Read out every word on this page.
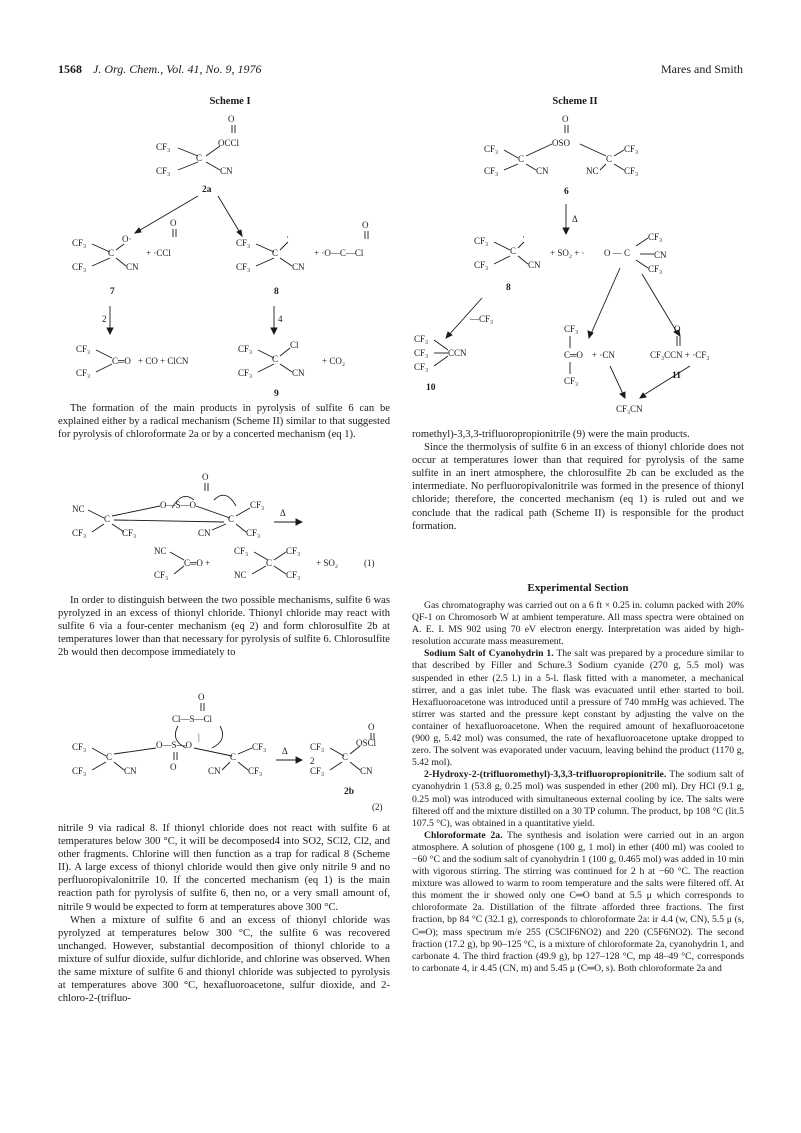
1568 J. Org. Chem., Vol. 41, No. 9, 1976	Mares and Smith
Scheme I
O
CF₃
C
OCCl
CF₃	CN
2a
CF₃
C
O·
CF₃	CN
O
+ ·CCl
7
CF₃
C
·
CF₃	CN
O
+ ·O—C—Cl
8
2	4
CF₃
CF₃
C═O + CO + ClCN
CF₃
C
Cl
CF₃	CN
+ CO₂
9

The formation of the main products in pyrolysis of sulfite 6 can be explained either by a radical mechanism (Scheme II) similar to that suggested for pyrolysis of chloroformate 2a or by a concerted mechanism (eq 1).

O
NC
C
O—S—O
C
CF₃
CF₃	CF₃	CN	CF₃
Δ
NC
CF₃
C═O +
CF₃
C
CF₃
NC	CF₃
+ SO₂	(1)

In order to distinguish between the two possible mechanisms, sulfite 6 was pyrolyzed in an excess of thionyl chloride. Thionyl chloride may react with sulfite 6 via a four-center mechanism (eq 2) and form chlorosulfite 2b at temperatures lower than that necessary for pyrolysis of sulfite 6. Chlorosulfite 2b would then decompose immediately to

O
Cl—S—Cl
|
CF₃
C
O—S—O
C
CF₃
CF₃	CN	O	CN	CF₃
Δ CF₃
2	C
OSCl
O
CF₃	CN
2b
(2)

nitrile 9 via radical 8. If thionyl chloride does not react with sulfite 6 at temperatures below 300 °C, it will be decomposed4 into SO2, SCl2, Cl2, and other fragments. Chlorine will then function as a trap for radical 8 (Scheme II). A large excess of thionyl chloride would then give only nitrile 9 and no perfluoropivalonitrile 10. If the concerted mechanism (eq 1) is the main reaction path for pyrolysis of sulfite 6, then no, or a very small amount of, nitrile 9 would be expected to form at temperatures above 300 °C.

When a mixture of sulfite 6 and an excess of thionyl chloride was pyrolyzed at temperatures below 300 °C, the sulfite 6 was recovered unchanged. However, substantial decomposition of thionyl chloride to a mixture of sulfur dioxide, sulfur dichloride, and chlorine was observed. When the same mixture of sulfite 6 and thionyl chloride was subjected to pyrolysis at temperatures above 300 °C, hexafluoroacetone, sulfur dioxide, and 2-chloro-2-(trifluo-

Scheme II
O
OSO
CF₃
C	C
CF₃
CF₃	CN	NC	CF₃
6
Δ
CF₃
C
·
CF₃	CN
+ SO₂ + · O — C
CF₃
CN
CF₃
8
—CF₃
CF₃
CF₃ CCN
CF₃
10
CF₃
C═O + ·CN
CF₃
O
CF₃CCN + ·CF₃
11
CF₃CN

romethyl)-3,3,3-trifluoropropionitrile (9) were the main products.

Since the thermolysis of sulfite 6 in an excess of thionyl chloride does not occur at temperatures lower than that required for pyrolysis of the same sulfite in an inert atmosphere, the chlorosulfite 2b can be excluded as the intermediate. No perfluoropivalonitrile was formed in the presence of thionyl chloride; therefore, the concerted mechanism (eq 1) is ruled out and we conclude that the radical path (Scheme II) is responsible for the product formation.

Experimental Section

Gas chromatography was carried out on a 6 ft × 0.25 in. column packed with 20% QF-1 on Chromosorb W at ambient temperature. All mass spectra were obtained on A. E. I. MS 902 using 70 eV electron energy. Interpretation was aided by high-resolution accurate mass measurement.

Sodium Salt of Cyanohydrin 1. The salt was prepared by a procedure similar to that described by Filler and Schure.3 Sodium cyanide (270 g, 5.5 mol) was suspended in ether (2.5 l.) in a 5-l. flask fitted with a manometer, a mechanical stirrer, and a gas inlet tube. The flask was evacuated until ether started to boil. Hexafluoroacetone was introduced until a pressure of 740 mmHg was achieved. The stirrer was started and the pressure kept constant by adjusting the valve on the container of hexafluoroacetone. When the required amount of hexafluoroacetone (900 g, 5.42 mol) was consumed, the rate of hexafluoroacetone uptake dropped to zero. The solvent was evaporated under vacuum, leaving behind the product (1170 g, 5.42 mol).

2-Hydroxy-2-(trifluoromethyl)-3,3,3-trifluoropropionitrile. The sodium salt of cyanohydrin 1 (53.8 g, 0.25 mol) was suspended in ether (200 ml). Dry HCl (9.1 g, 0.25 mol) was introduced with simultaneous external cooling by ice. The salts were filtered off and the mixture distilled on a 30 TP column. The product, bp 108 °C (lit.5 107.5 °C), was obtained in a quantitative yield.

Chloroformate 2a. The synthesis and isolation were carried out in an argon atmosphere. A solution of phosgene (100 g, 1 mol) in ether (400 ml) was cooled to −60 °C and the sodium salt of cyanohydrin 1 (100 g, 0.465 mol) was added in 10 min with vigorous stirring. The stirring was continued for 2 h at −60 °C. The reaction mixture was allowed to warm to room temperature and the salts were filtered off. At this moment the ir showed only one C═O band at 5.5 μ which corresponds to chloroformate 2a. Distillation of the filtrate afforded three fractions. The first fraction, bp 84 °C (32.1 g), corresponds to chloroformate 2a: ir 4.4 (w, CN), 5.5 μ (s, C═O); mass spectrum m/e 255 (C5ClF6NO2) and 220 (C5F6NO2). The second fraction (17.2 g), bp 90–125 °C, is a mixture of chloroformate 2a, cyanohydrin 1, and carbonate 4. The third fraction (49.9 g), bp 127–128 °C, mp 48–49 °C, corresponds to carbonate 4, ir 4.45 (CN, m) and 5.45 μ (C═O, s). Both chloroformate 2a and
